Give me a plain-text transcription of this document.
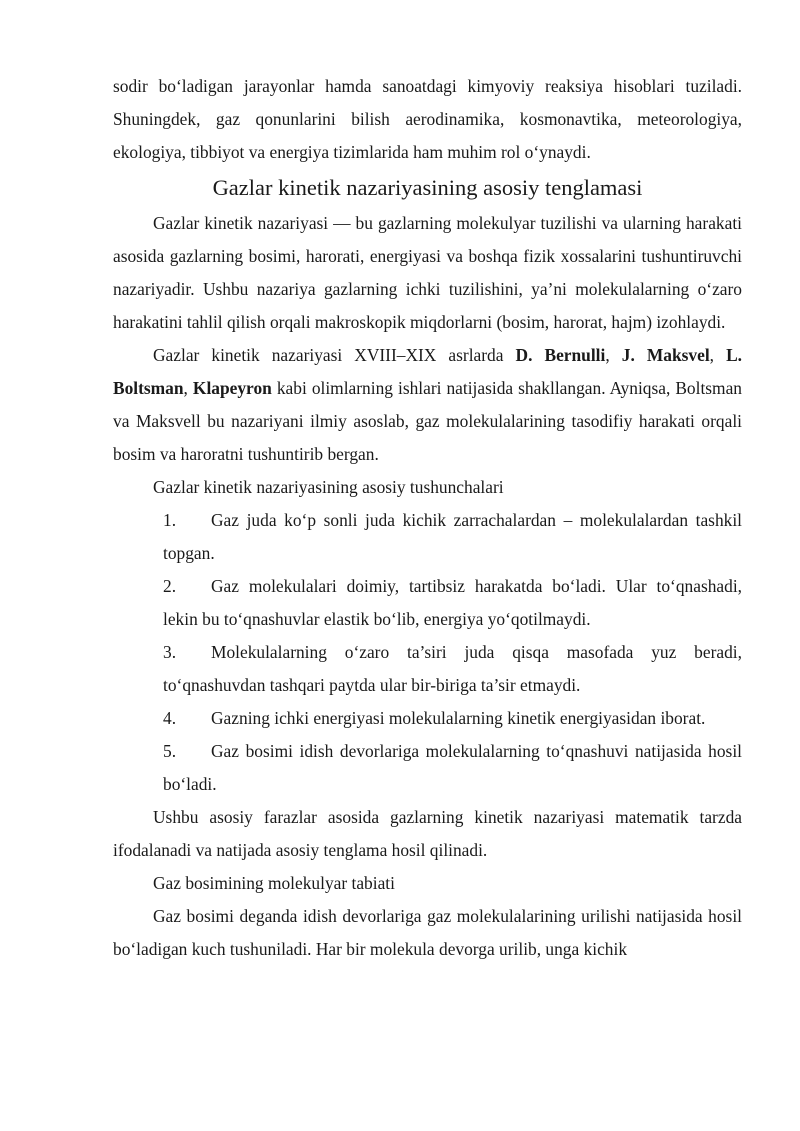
sodir bo‘ladigan jarayonlar hamda sanoatdagi kimyoviy reaksiya hisoblari tuziladi. Shuningdek, gaz qonunlarini bilish aerodinamika, kosmonavtika, meteorologiya, ekologiya, tibbiyot va energiya tizimlarida ham muhim rol o‘ynaydi.

Gazlar kinetik nazariyasining asosiy tenglamasi

Gazlar kinetik nazariyasi — bu gazlarning molekulyar tuzilishi va ularning harakati asosida gazlarning bosimi, harorati, energiyasi va boshqa fizik xossalarini tushuntiruvchi nazariyadir. Ushbu nazariya gazlarning ichki tuzilishini, ya’ni molekulalarning o‘zaro harakatini tahlil qilish orqali makroskopik miqdorlarni (bosim, harorat, hajm) izohlaydi.

Gazlar kinetik nazariyasi XVIII–XIX asrlarda D. Bernulli, J. Maksvel, L. Boltsman, Klapeyron kabi olimlarning ishlari natijasida shakllangan. Ayniqsa, Boltsman va Maksvell bu nazariyani ilmiy asoslab, gaz molekulalarining tasodifiy harakati orqali bosim va haroratni tushuntirib bergan.

Gazlar kinetik nazariyasining asosiy tushunchalari

1. Gaz juda ko‘p sonli juda kichik zarrachalardan – molekulalardan tashkil topgan.
2. Gaz molekulalari doimiy, tartibsiz harakatda bo‘ladi. Ular to‘qnashadi, lekin bu to‘qnashuvlar elastik bo‘lib, energiya yo‘qotilmaydi.
3. Molekulalarning o‘zaro ta’siri juda qisqa masofada yuz beradi, to‘qnashuvdan tashqari paytda ular bir-biriga ta’sir etmaydi.
4. Gazning ichki energiyasi molekulalarning kinetik energiyasidan iborat.
5. Gaz bosimi idish devorlariga molekulalarning to‘qnashuvi natijasida hosil bo‘ladi.

Ushbu asosiy farazlar asosida gazlarning kinetik nazariyasi matematik tarzda ifodalanadi va natijada asosiy tenglama hosil qilinadi.

Gaz bosimining molekulyar tabiati

Gaz bosimi deganda idish devorlariga gaz molekulalarining urilishi natijasida hosil bo‘ladigan kuch tushuniladi. Har bir molekula devorga urilib, unga kichik
